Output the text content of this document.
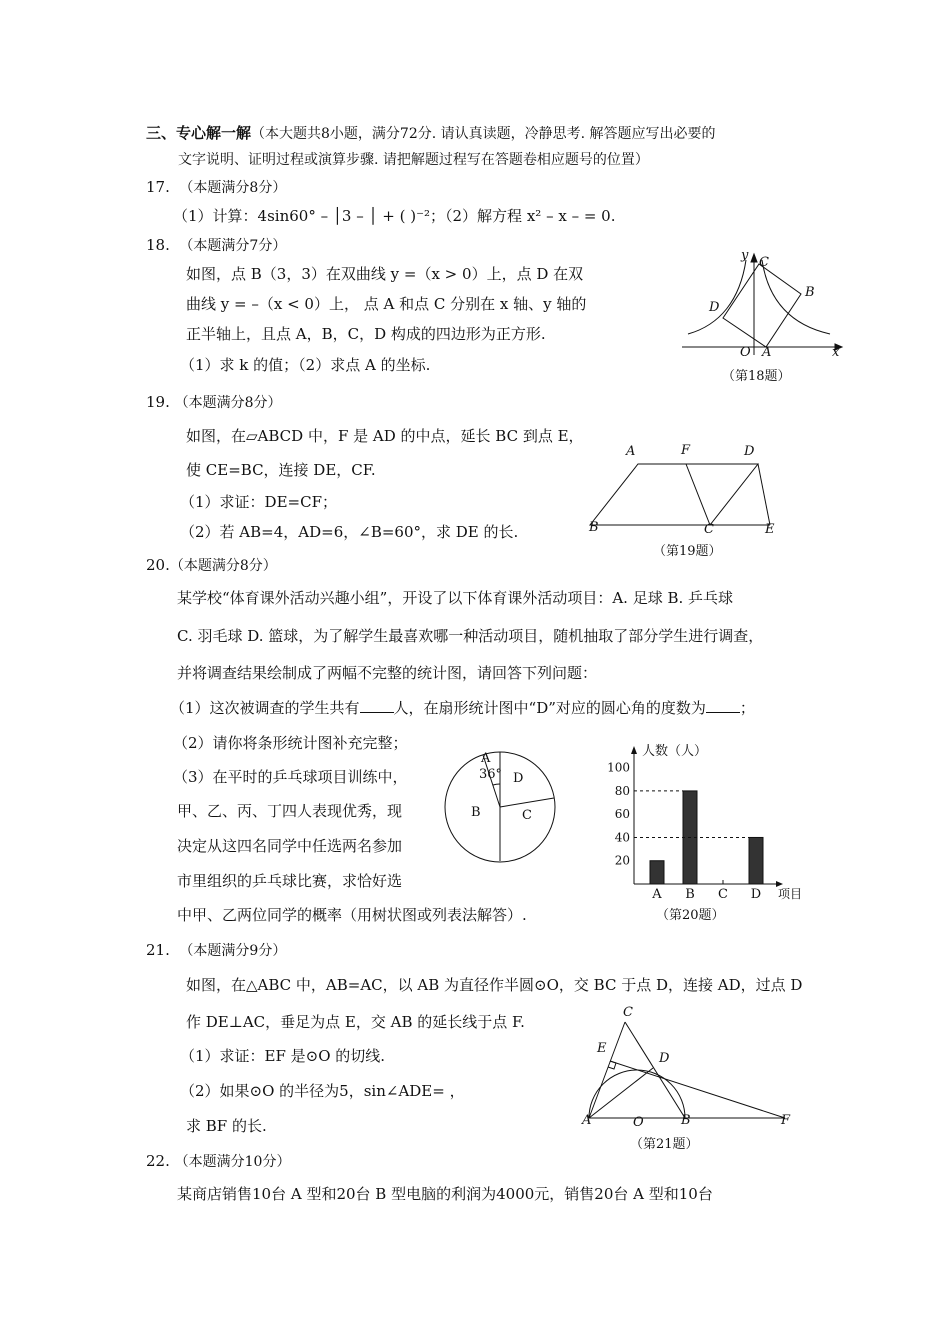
三、专心解一解（本大题共8小题，满分72分. 请认真读题，冷静思考. 解答题应写出必要的
文字说明、证明过程或演算步骤. 请把解题过程写在答题卷相应题号的位置）
17. （本题满分8分）
（1）计算：4sin60° – │3 – │ + ( )⁻²；（2）解方程 x² – x – = 0.
18. （本题满分7分）
如图，点 B（3，3）在双曲线 y =（x > 0）上，点 D 在双
曲线 y = –（x < 0）上， 点 A 和点 C 分别在 x 轴、y 轴的
正半轴上，且点 A，B，C，D 构成的四边形为正方形.
（1）求 k 的值；（2）求点 A 的坐标.
y C
B
D
O A	x
（第18题）
19. （本题满分8分）
如图，在▱ABCD 中，F 是 AD 的中点，延长 BC 到点 E，
使 CE=BC，连接 DE，CF.
（1）求证：DE=CF；
（2）若 AB=4，AD=6，∠B=60°，求 DE 的长.
A	F	D
B	C	E
（第19题）
20.（本题满分8分）
某学校“体育课外活动兴趣小组”，开设了以下体育课外活动项目：A. 足球 B. 乒乓球
C. 羽毛球 D. 篮球，为了解学生最喜欢哪一种活动项目，随机抽取了部分学生进行调查，
并将调查结果绘制成了两幅不完整的统计图，请回答下列问题：
（1）这次被调查的学生共有 人，在扇形统计图中“D”对应的圆心角的度数为 ；
（2）请你将条形统计图补充完整；
（3）在平时的乒乓球项目训练中，
甲、乙、丙、丁四人表现优秀，现
决定从这四名同学中任选两名参加
市里组织的乒乓球比赛，求恰好选
中甲、乙两位同学的概率（用树状图或列表法解答）.
A
36° D
B	C
人数（人）
项目
20
40
60
80
100
A B C D
（第20题）
21. （本题满分9分）
如图，在△ABC 中，AB=AC，以 AB 为直径作半圆⊙O，交 BC 于点 D，连接 AD，过点 D
作 DE⊥AC，垂足为点 E，交 AB 的延长线于点 F.
（1）求证：EF 是⊙O 的切线.
（2）如果⊙O 的半径为5，sin∠ADE= ，
求 BF 的长.
C
E
D
A	O	B	F
（第21题）
22. （本题满分10分）
某商店销售10台 A 型和20台 B 型电脑的利润为4000元，销售20台 A 型和10台
